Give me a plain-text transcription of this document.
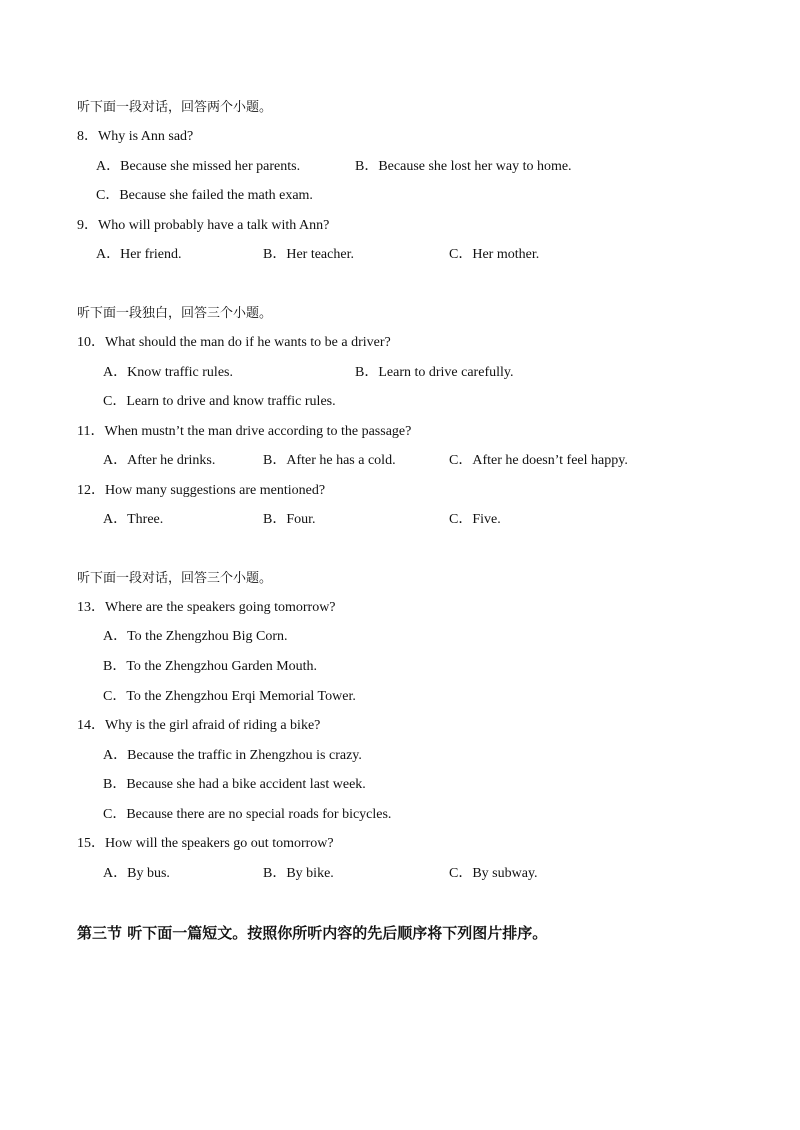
听下面一段对话，回答两个小题。
8．Why is Ann sad?
A．Because she missed her parents.	B．Because she lost her way to home.
C．Because she failed the math exam.
9．Who will probably have a talk with Ann?
A．Her friend.	B．Her teacher.	C．Her mother.
听下面一段独白，回答三个小题。
10．What should the man do if he wants to be a driver?
A．Know traffic rules.	B．Learn to drive carefully.
C．Learn to drive and know traffic rules.
11．When mustn’t the man drive according to the passage?
A．After he drinks.	B．After he has a cold.	C．After he doesn’t feel happy.
12．How many suggestions are mentioned?
A．Three.	B．Four.	C．Five.
听下面一段对话，回答三个小题。
13．Where are the speakers going tomorrow?
A．To the Zhengzhou Big Corn.
B．To the Zhengzhou Garden Mouth.
C．To the Zhengzhou Erqi Memorial Tower.
14．Why is the girl afraid of riding a bike?
A．Because the traffic in Zhengzhou is crazy.
B．Because she had a bike accident last week.
C．Because there are no special roads for bicycles.
15．How will the speakers go out tomorrow?
A．By bus.	B．By bike.	C．By subway.
第三节 听下面一篇短文。按照你所听内容的先后顺序将下列图片排序。
